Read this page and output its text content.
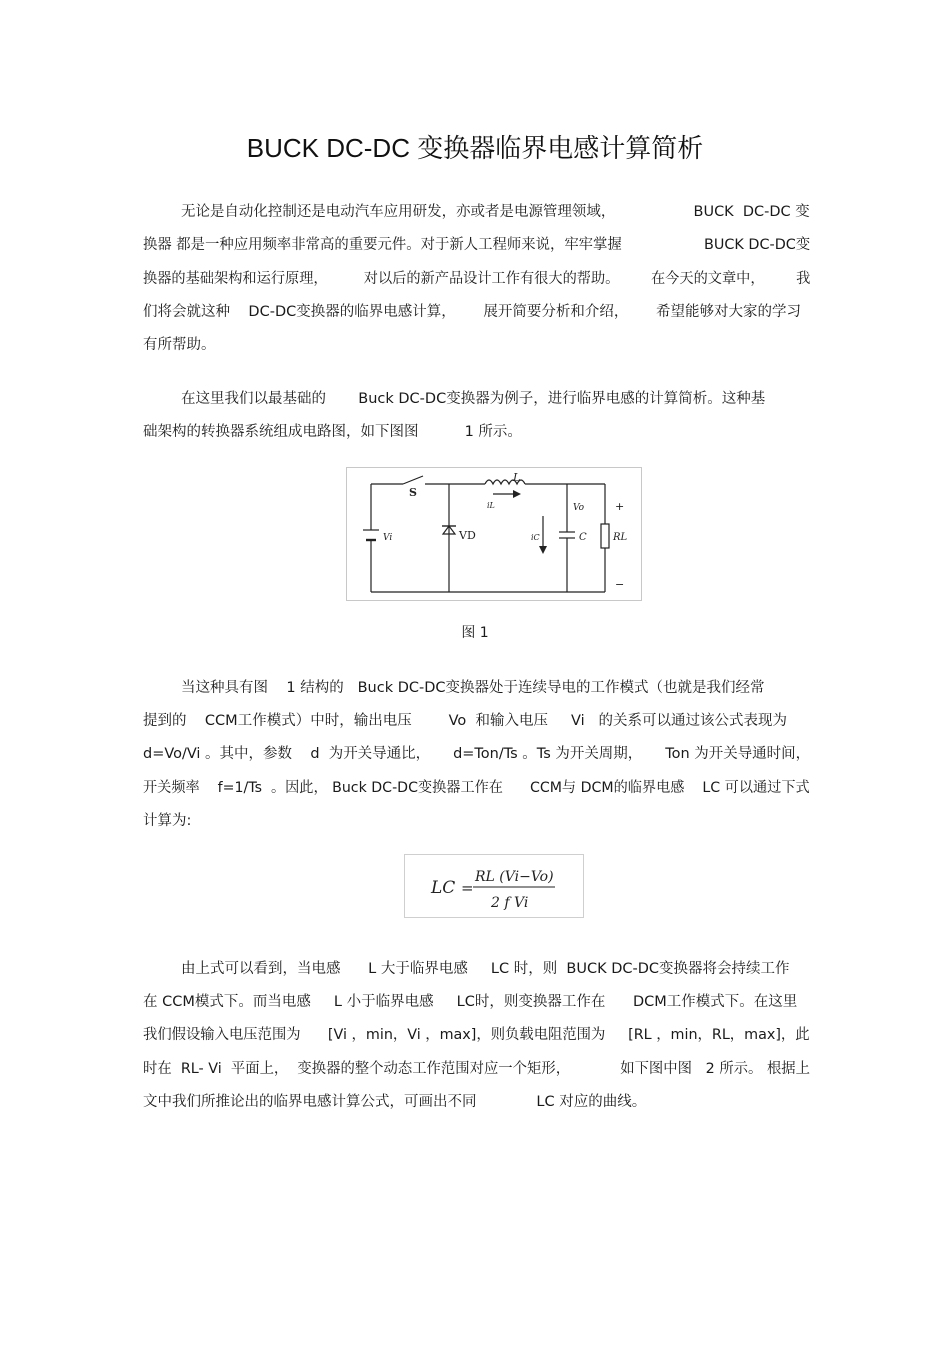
BUCK DC-DC 变换器临界电感计算简析
无论是自动化控制还是电动汽车应用研发，亦或者是电源管理领域，                 BUCK  DC-DC 变
换器 都是一种应用频率非常高的重要元件。对于新人工程师来说，牢牢掌握                  BUCK DC-DC变
换器的基础架构和运行原理，        对以后的新产品设计工作有很大的帮助。       在今天的文章中，       我
们将会就这种    DC-DC变换器的临界电感计算，      展开简要分析和介绍，      希望能够对大家的学习
有所帮助。
在这里我们以最基础的       Buck DC-DC变换器为例子，进行临界电感的计算简析。这种基
础架构的转换器系统组成电路图，如下图图          1 所示。
S
L
iL
Vi	VD	iC
Vo
C	RL
+
−
图 1
当这种具有图    1 结构的   Buck DC-DC变换器处于连续导电的工作模式（也就是我们经常
提到的    CCM工作模式）中时，输出电压        Vo  和输入电压     Vi   的关系可以通过该公式表现为
d=Vo/Vi 。其中，参数    d  为开关导通比，     d=Ton/Ts 。Ts 为开关周期，     Ton 为开关导通时间，
开关频率    f=1/Ts  。因此， Buck DC-DC变换器工作在      CCM与 DCM的临界电感    LC 可以通过下式
计算为:
LC =
RL (Vi−Vo)
2 f Vi
由上式可以看到，当电感      L 大于临界电感     LC 时，则  BUCK DC-DC变换器将会持续工作
在 CCM模式下。而当电感     L 小于临界电感     LC时，则变换器工作在      DCM工作模式下。在这里
我们假设输入电压范围为      [Vi ，min，Vi ，max]，则负载电阻范围为     [RL ，min，RL，max]，此
时在  RL- Vi  平面上，  变换器的整个动态工作范围对应一个矩形，           如下图中图   2 所示。 根据上
文中我们所推论出的临界电感计算公式，可画出不同             LC 对应的曲线。
